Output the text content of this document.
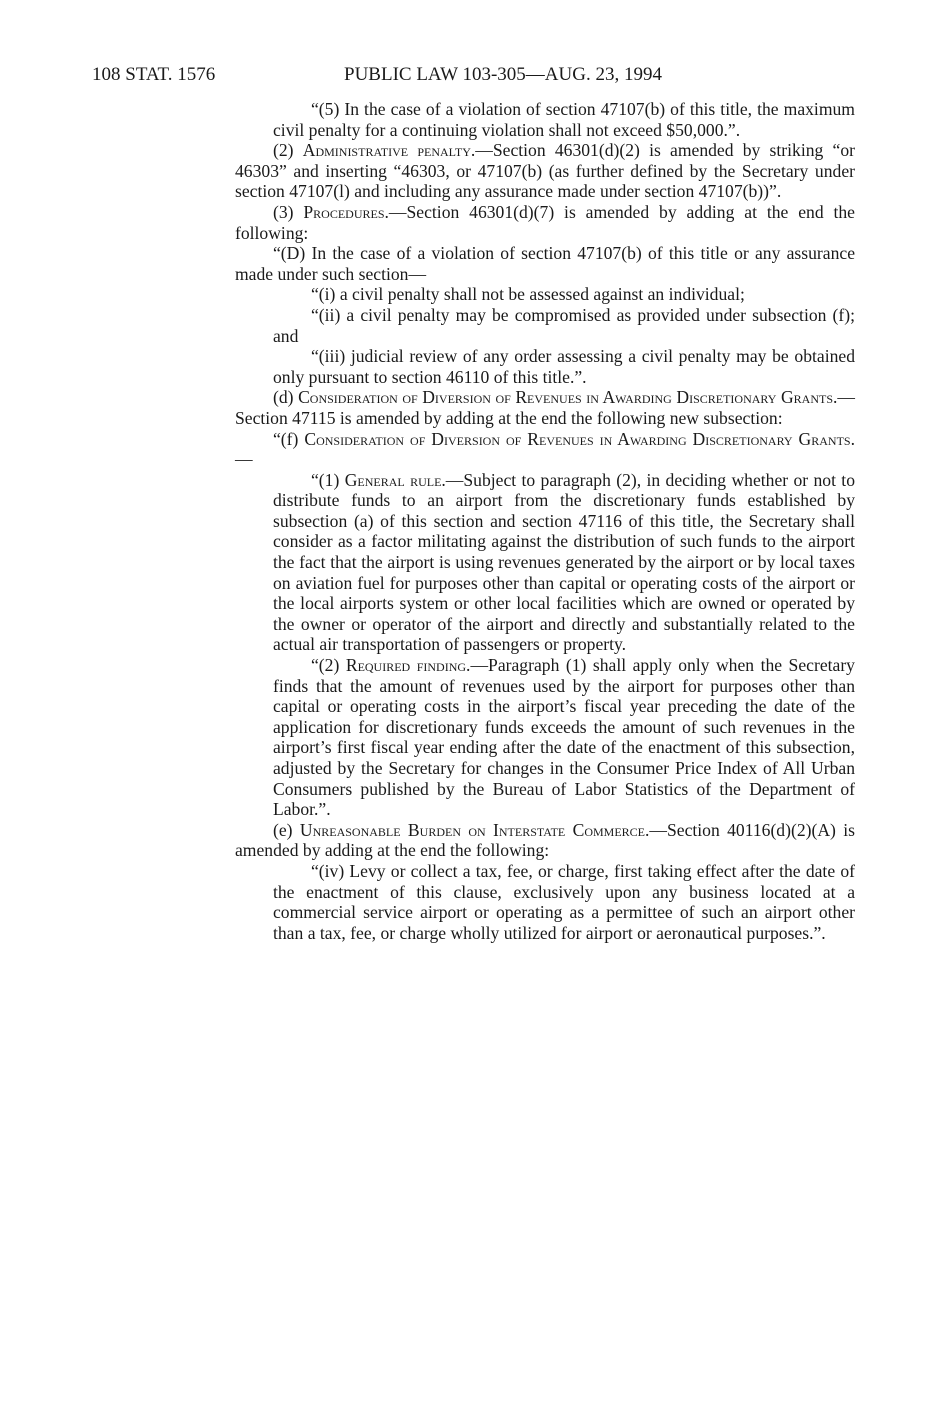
108 STAT. 1576	PUBLIC LAW 103-305—AUG. 23, 1994

“(5) In the case of a violation of section 47107(b) of this title, the maximum civil penalty for a continuing violation shall not exceed $50,000.”.

(2) Administrative penalty.—Section 46301(d)(2) is amended by striking “or 46303” and inserting “46303, or 47107(b) (as further defined by the Secretary under section 47107(l) and including any assurance made under section 47107(b))”.

(3) Procedures.—Section 46301(d)(7) is amended by adding at the end the following:

“(D) In the case of a violation of section 47107(b) of this title or any assurance made under such section—

“(i) a civil penalty shall not be assessed against an individual;

“(ii) a civil penalty may be compromised as provided under subsection (f); and

“(iii) judicial review of any order assessing a civil penalty may be obtained only pursuant to section 46110 of this title.”.

(d) Consideration of Diversion of Revenues in Awarding Discretionary Grants.—Section 47115 is amended by adding at the end the following new subsection:

“(f) Consideration of Diversion of Revenues in Awarding Discretionary Grants.—

“(1) General rule.—Subject to paragraph (2), in deciding whether or not to distribute funds to an airport from the discretionary funds established by subsection (a) of this section and section 47116 of this title, the Secretary shall consider as a factor militating against the distribution of such funds to the airport the fact that the airport is using revenues generated by the airport or by local taxes on aviation fuel for purposes other than capital or operating costs of the airport or the local airports system or other local facilities which are owned or operated by the owner or operator of the airport and directly and substantially related to the actual air transportation of passengers or property.

“(2) Required finding.—Paragraph (1) shall apply only when the Secretary finds that the amount of revenues used by the airport for purposes other than capital or operating costs in the airport’s fiscal year preceding the date of the application for discretionary funds exceeds the amount of such revenues in the airport’s first fiscal year ending after the date of the enactment of this subsection, adjusted by the Secretary for changes in the Consumer Price Index of All Urban Consumers published by the Bureau of Labor Statistics of the Department of Labor.”.

(e) Unreasonable Burden on Interstate Commerce.—Section 40116(d)(2)(A) is amended by adding at the end the following:

“(iv) Levy or collect a tax, fee, or charge, first taking effect after the date of the enactment of this clause, exclusively upon any business located at a commercial service airport or operating as a permittee of such an airport other than a tax, fee, or charge wholly utilized for airport or aeronautical purposes.”.
